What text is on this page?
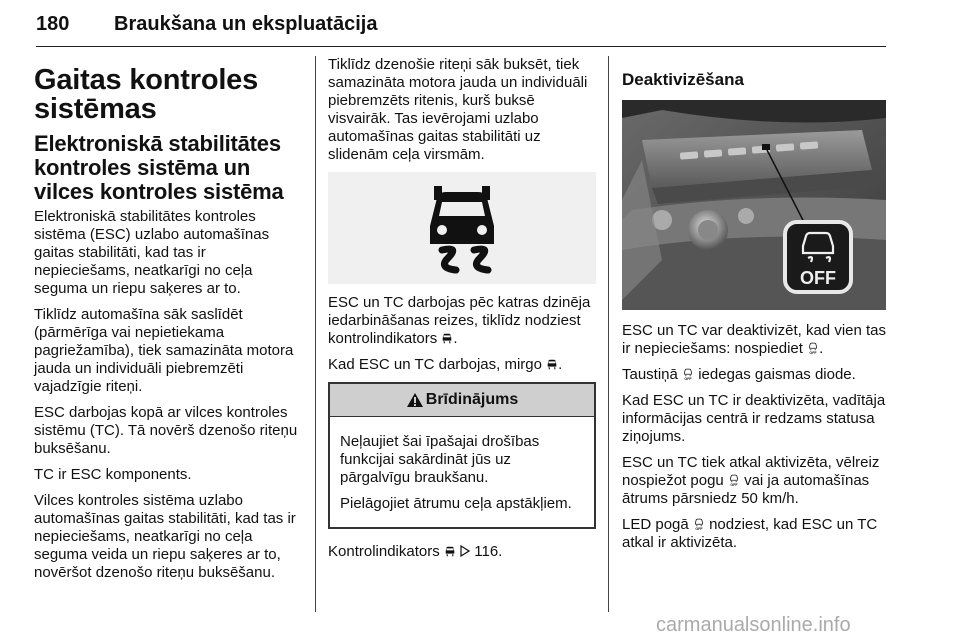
180 Braukšana un ekspluatācija
Gaitas kontroles sistēmas
Elektroniskā stabilitātes kontroles sistēma un vilces kontroles sistēma

Elektroniskā stabilitātes kontroles sistēma (ESC) uzlabo automašīnas gaitas stabilitāti, kad tas ir nepieciešams, neatkarīgi no ceļa seguma un riepu saķeres ar to.

Tiklīdz automašīna sāk saslīdēt (pārmērīga vai nepietiekama pagriežamība), tiek samazināta motora jauda un individuāli piebremzēti vajadzīgie riteņi.

ESC darbojas kopā ar vilces kontroles sistēmu (TC). Tā novērš dzenošo riteņu buksēšanu.

TC ir ESC komponents.

Vilces kontroles sistēma uzlabo automašīnas gaitas stabilitāti, kad tas ir nepieciešams, neatkarīgi no ceļa seguma veida un riepu saķeres ar to, novēršot dzenošo riteņu buksēšanu.

Tiklīdz dzenošie riteņi sāk buksēt, tiek samazināta motora jauda un individuāli piebremzēts ritenis, kurš buksē visvairāk. Tas ievērojami uzlabo automašīnas gaitas stabilitāti uz slidenām ceļa virsmām.

ESC un TC darbojas pēc katras dzinēja iedarbināšanas reizes, tiklīdz nodziest kontrolindikators .

Kad ESC un TC darbojas, mirgo .

Brīdinājums

Neļaujiet šai īpašajai drošības funkcijai sakārdināt jūs uz pārgalvīgu braukšanu.

Pielāgojiet ātrumu ceļa apstākļiem.

Kontrolindikators 116.

Deaktivizēšana
OFF

ESC un TC var deaktivizēt, kad vien tas ir nepieciešams: nospiediet .

Taustiņā iedegas gaismas diode.

Kad ESC un TC ir deaktivizēta, vadītāja informācijas centrā ir redzams statusa ziņojums.

ESC un TC tiek atkal aktivizēta, vēlreiz nospiežot pogu vai ja automašīnas ātrums pārsniedz 50 km/h.

LED pogā nodziest, kad ESC un TC atkal ir aktivizēta.

carmanualsonline.info
